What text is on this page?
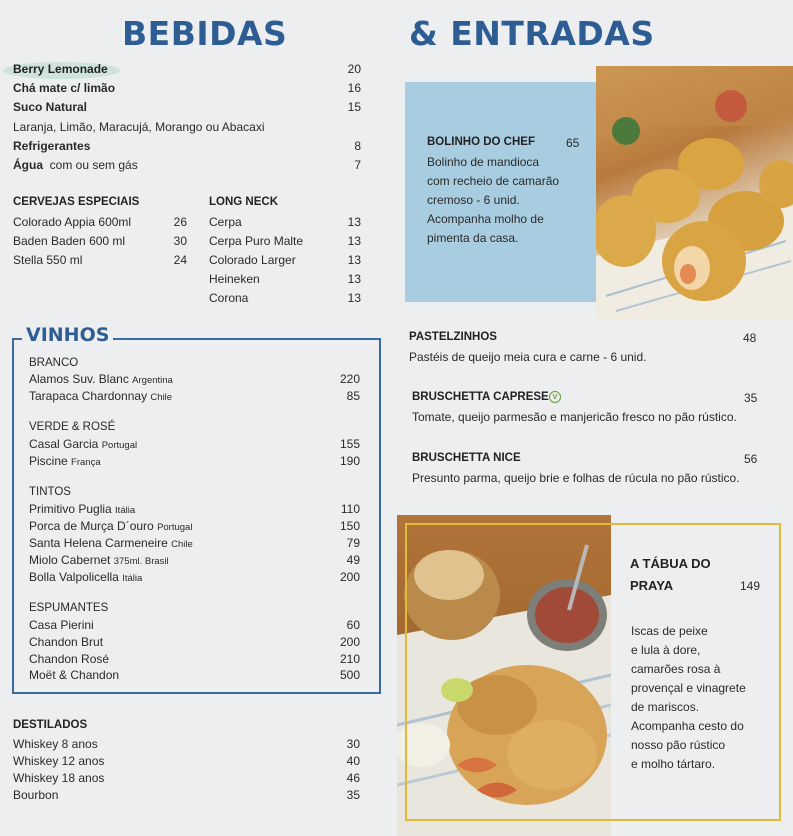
BEBIDAS	& ENTRADAS
Berry Lemonade	20
Chá mate c/ limão	16
Suco Natural	15
Laranja, Limão, Maracujá, Morango ou Abacaxi
Refrigerantes	8
Água com ou sem gás	7
CERVEJAS ESPECIAIS
Colorado Appia 600ml	26
Baden Baden 600 ml	30
Stella 550 ml	24
LONG NECK
Cerpa	13
Cerpa Puro Malte	13
Colorado Larger	13
Heineken	13
Corona	13
VINHOS
BRANCO
Alamos Suv. Blanc Argentina	220
Tarapaca Chardonnay Chile	85
VERDE & ROSÉ
Casal Garcia Portugal	155
Piscine França	190
TINTOS
Primitivo Puglia Itália	110
Porca de Murça D´ouro Portugal	150
Santa Helena Carmeneire Chile	79
Miolo Cabernet 375ml. Brasil	49
Bolla Valpolicella Itália	200
ESPUMANTES
Casa Pierini	60
Chandon Brut	200
Chandon Rosé	210
Moët & Chandon	500
DESTILADOS
Whiskey 8 anos	30
Whiskey 12 anos	40
Whiskey 18 anos	46
Bourbon	35
BOLINHO DO CHEF	65
Bolinho de mandioca
com recheio de camarão
cremoso - 6 unid.
Acompanha molho de
pimenta da casa.
PASTELZINHOS	48
Pastéis de queijo meia cura e carne - 6 unid.
BRUSCHETTA CAPRESE V	35
Tomate, queijo parmesão e manjericão fresco no pão rústico.
BRUSCHETTA NICE	56
Presunto parma, queijo brie e folhas de rúcula no pão rústico.
A TÁBUA DO
PRAYA	149
Iscas de peixe
e lula à dore,
camarões rosa à
provençal e vinagrete
de mariscos.
Acompanha cesto do
nosso pão rústico
e molho tártaro.
